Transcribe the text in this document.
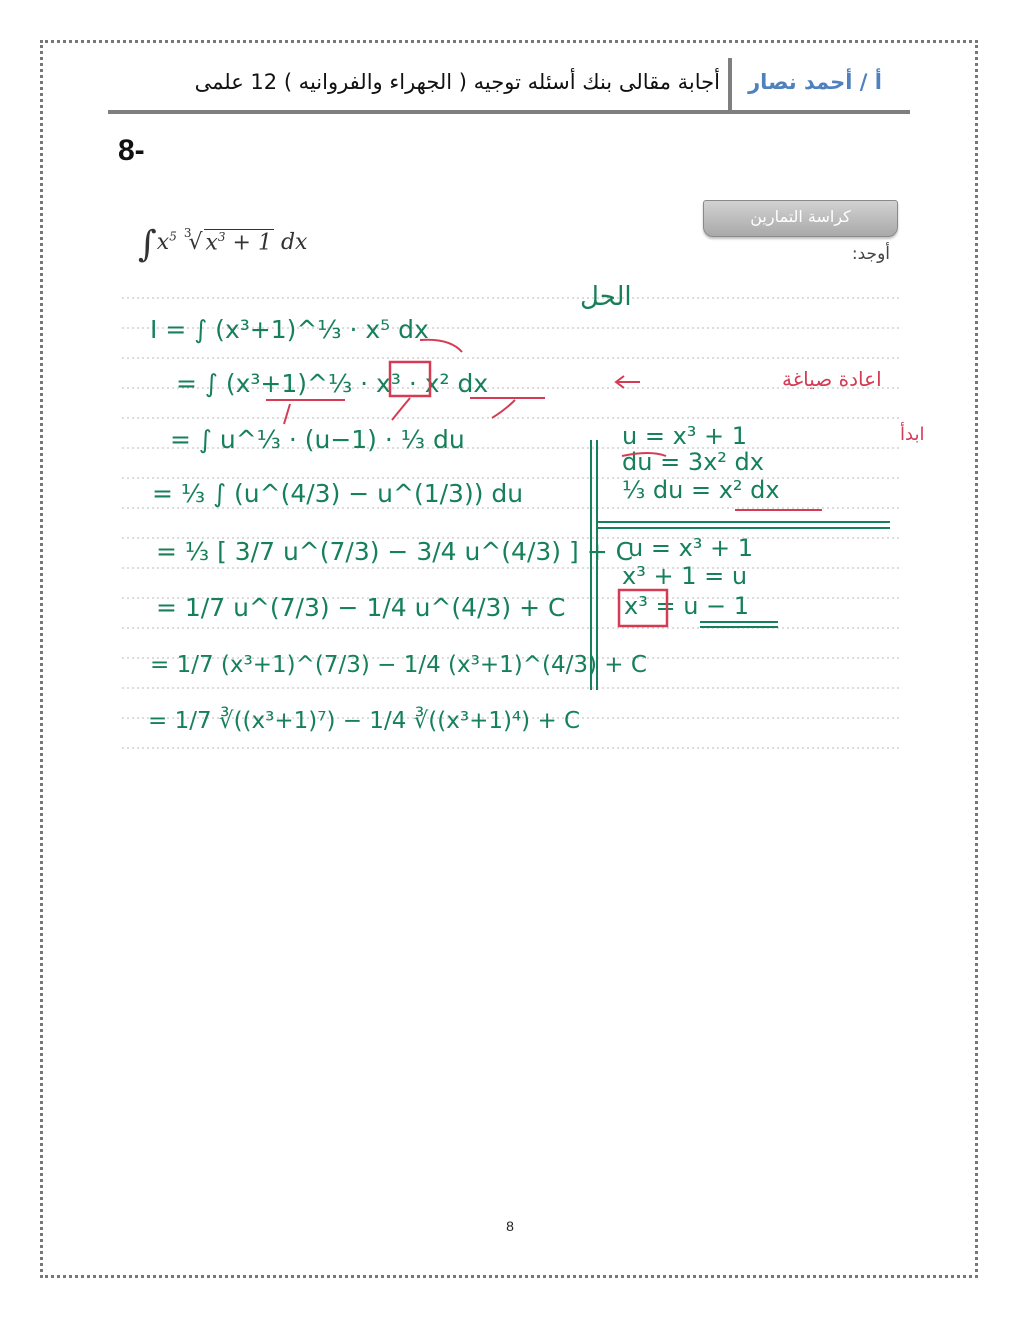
أ / أحمد نصار
أجابة مقالى بنك أسئله توجيه ( الجهراء والفروانيه ) 12 علمى
8-
كراسة التمارين
أوجد:
$\int x^5$ $^3$√ $x^3 + 1$ dx
الحل
I = ∫ (x³+1)^⅓ · x⁵ dx
= ∫ (x³+1)^⅓ · x³ · x² dx
= ∫ u^⅓ · (u−1) · ⅓ du
= ⅓ ∫ (u^(4/3) − u^(1/3)) du
= ⅓ [ 3/7 u^(7/3) − 3/4 u^(4/3) ] + C
= 1/7 u^(7/3) − 1/4 u^(4/3) + C
= 1/7 (x³+1)^(7/3) − 1/4 (x³+1)^(4/3) + C
= 1/7 ∛((x³+1)⁷) − 1/4 ∛((x³+1)⁴) + C
اعادة صياغة
ابدأ
u = x³ + 1
du = 3x² dx
⅓ du = x² dx
u = x³ + 1
x³ + 1 = u
x³ = u − 1
8
